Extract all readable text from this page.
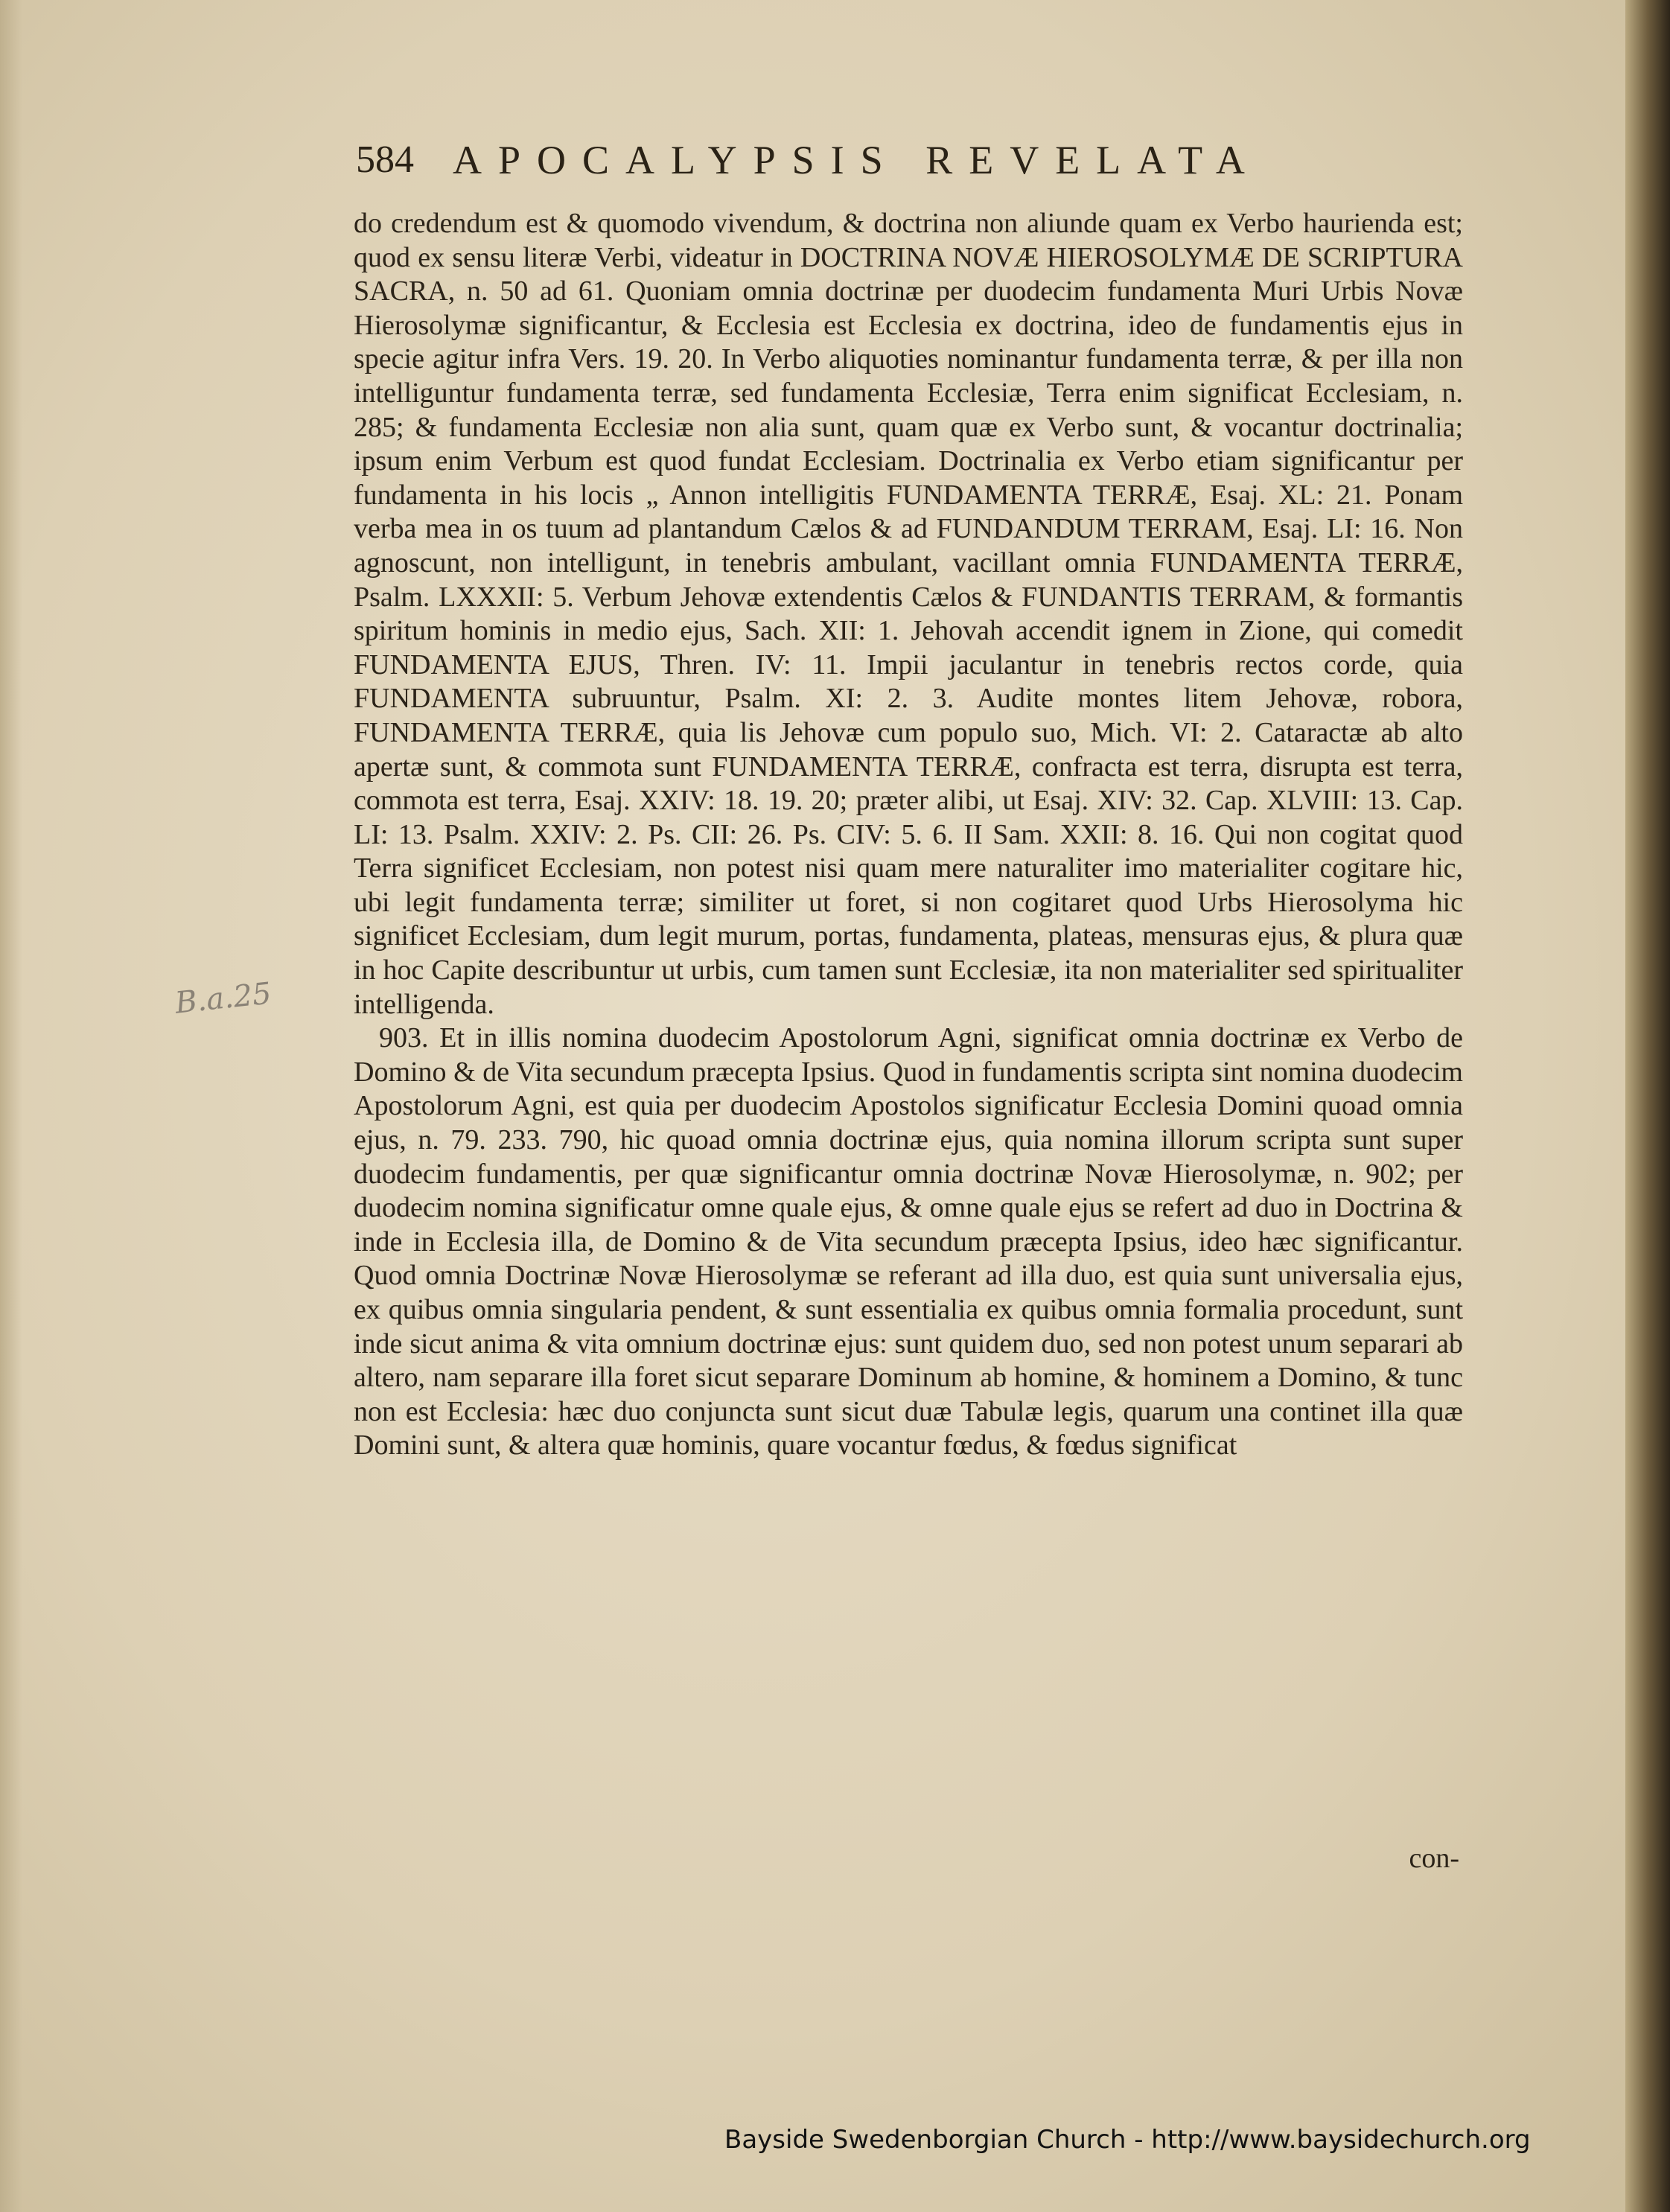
584 APOCALYPSIS REVELATA
B.a.25

do credendum est & quomodo vivendum, & doctrina non aliunde quam ex Verbo haurienda est; quod ex sensu literæ Verbi, videatur in DOCTRINA NOVÆ HIEROSOLYMÆ DE SCRIPTURA SACRA, n. 50 ad 61. Quoniam omnia doctrinæ per duodecim fundamenta Muri Urbis Novæ Hierosolymæ significantur, & Ecclesia est Ecclesia ex doctrina, ideo de fundamentis ejus in specie agitur infra Vers. 19. 20. In Verbo aliquoties nominantur fundamenta terræ, & per illa non intelliguntur fundamenta terræ, sed fundamenta Ecclesiæ, Terra enim significat Ecclesiam, n. 285; & fundamenta Ecclesiæ non alia sunt, quam quæ ex Verbo sunt, & vocantur doctrinalia; ipsum enim Verbum est quod fundat Ecclesiam. Doctrinalia ex Verbo etiam significantur per fundamenta in his locis „ Annon intelligitis FUNDAMENTA TERRÆ, Esaj. XL: 21. Ponam verba mea in os tuum ad plantandum Cælos & ad FUNDANDUM TERRAM, Esaj. LI: 16. Non agnoscunt, non intelligunt, in tenebris ambulant, vacillant omnia FUNDAMENTA TERRÆ, Psalm. LXXXII: 5. Verbum Jehovæ extendentis Cælos & FUNDANTIS TERRAM, & formantis spiritum hominis in medio ejus, Sach. XII: 1. Jehovah accendit ignem in Zione, qui comedit FUNDAMENTA EJUS, Thren. IV: 11. Impii jaculantur in tenebris rectos corde, quia FUNDAMENTA subruuntur, Psalm. XI: 2. 3. Audite montes litem Jehovæ, robora, FUNDAMENTA TERRÆ, quia lis Jehovæ cum populo suo, Mich. VI: 2. Cataractæ ab alto apertæ sunt, & commota sunt FUNDAMENTA TERRÆ, confracta est terra, disrupta est terra, commota est terra, Esaj. XXIV: 18. 19. 20; præter alibi, ut Esaj. XIV: 32. Cap. XLVIII: 13. Cap. LI: 13. Psalm. XXIV: 2. Ps. CII: 26. Ps. CIV: 5. 6. II Sam. XXII: 8. 16. Qui non cogitat quod Terra significet Ecclesiam, non potest nisi quam mere naturaliter imo materialiter cogitare hic, ubi legit fundamenta terræ; similiter ut foret, si non cogitaret quod Urbs Hierosolyma hic significet Ecclesiam, dum legit murum, portas, fundamenta, plateas, mensuras ejus, & plura quæ in hoc Capite describuntur ut urbis, cum tamen sunt Ecclesiæ, ita non materialiter sed spiritualiter intelligenda.

903. Et in illis nomina duodecim Apostolorum Agni, significat omnia doctrinæ ex Verbo de Domino & de Vita secundum præcepta Ipsius. Quod in fundamentis scripta sint nomina duodecim Apostolorum Agni, est quia per duodecim Apostolos significatur Ecclesia Domini quoad omnia ejus, n. 79. 233. 790, hic quoad omnia doctrinæ ejus, quia nomina illorum scripta sunt super duodecim fundamentis, per quæ significantur omnia doctrinæ Novæ Hierosolymæ, n. 902; per duodecim nomina significatur omne quale ejus, & omne quale ejus se refert ad duo in Doctrina & inde in Ecclesia illa, de Domino & de Vita secundum præcepta Ipsius, ideo hæc significantur. Quod omnia Doctrinæ Novæ Hierosolymæ se referant ad illa duo, est quia sunt universalia ejus, ex quibus omnia singularia pendent, & sunt essentialia ex quibus omnia formalia procedunt, sunt inde sicut anima & vita omnium doctrinæ ejus: sunt quidem duo, sed non potest unum separari ab altero, nam separare illa foret sicut separare Dominum ab homine, & hominem a Domino, & tunc non est Ecclesia: hæc duo conjuncta sunt sicut duæ Tabulæ legis, quarum una continet illa quæ Domini sunt, & altera quæ hominis, quare vocantur fœdus, & fœdus significat

con-
Bayside Swedenborgian Church - http://www.baysidechurch.org
